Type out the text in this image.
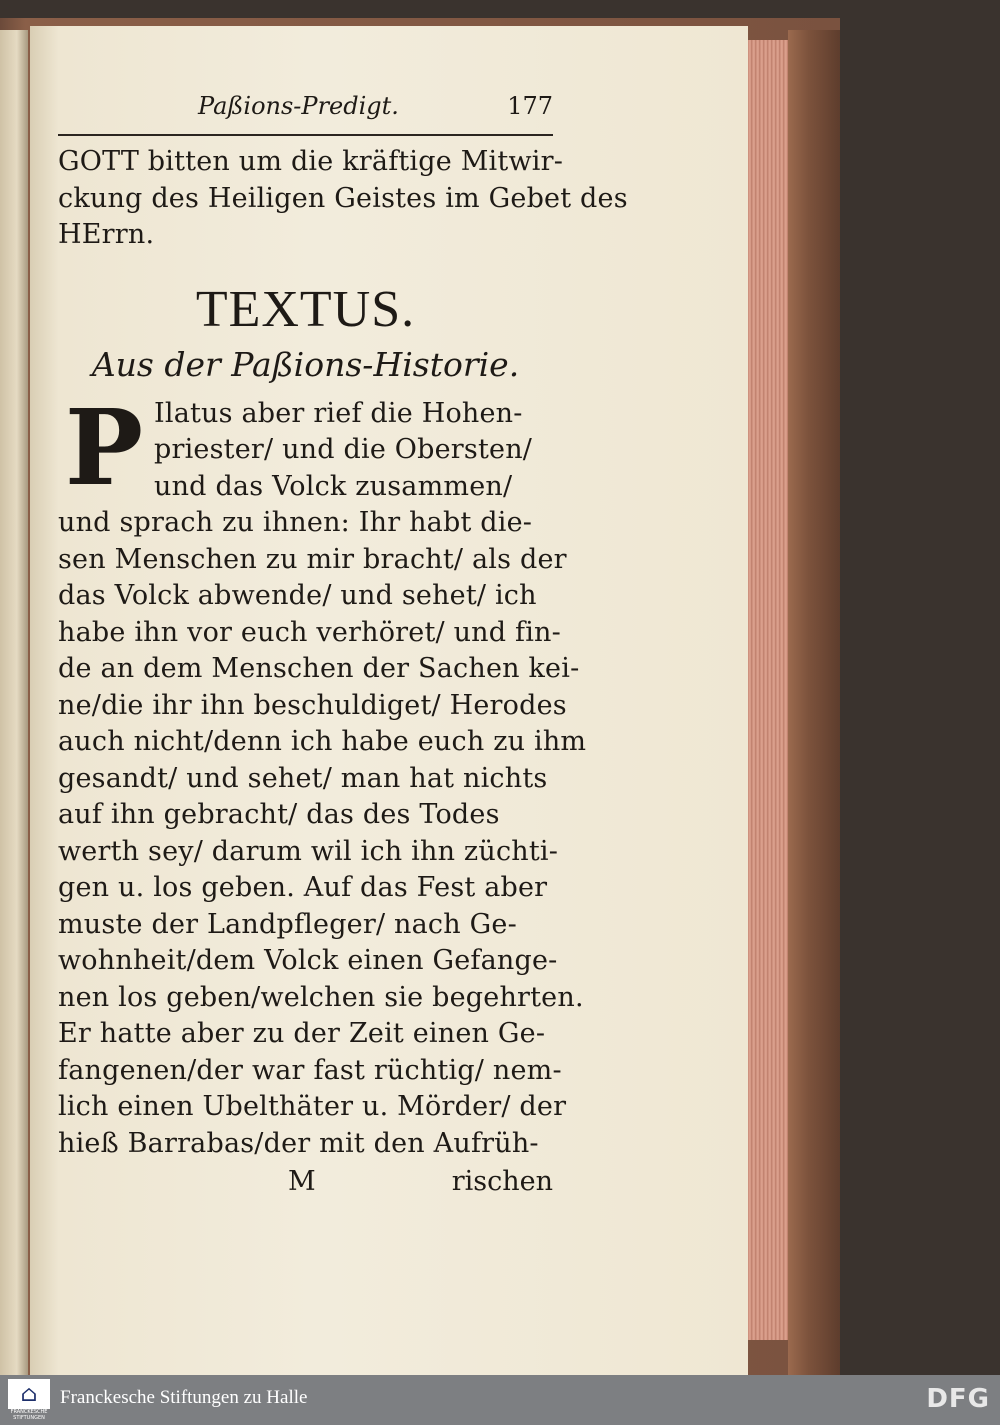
Paßions-Predigt.	177
GOTT bitten um die kräftige Mitwir-
ckung des Heiligen Geistes im Gebet des
HErrn.
TEXTUS.
Aus der Paßions-Historie.
P Ilatus aber rief die Hohen-
priester/ und die Obersten/
und das Volck zusammen/
und sprach zu ihnen: Ihr habt die-
sen Menschen zu mir bracht/ als der
das Volck abwende/ und sehet/ ich
habe ihn vor euch verhöret/ und fin-
de an dem Menschen der Sachen kei-
ne/die ihr ihn beschuldiget/ Herodes
auch nicht/denn ich habe euch zu ihm
gesandt/ und sehet/ man hat nichts
auf ihn gebracht/ das des Todes
werth sey/ darum wil ich ihn züchti-
gen u. los geben. Auf das Fest aber
muste der Landpfleger/ nach Ge-
wohnheit/dem Volck einen Gefange-
nen los geben/welchen sie begehrten.
Er hatte aber zu der Zeit einen Ge-
fangenen/der war fast rüchtig/ nem-
lich einen Ubelthäter u. Mörder/ der
hieß Barrabas/der mit den Aufrüh-
M	rischen
⌂
FRANCKESCHE
STIFTUNGEN
Franckesche Stiftungen zu Halle	DFG
